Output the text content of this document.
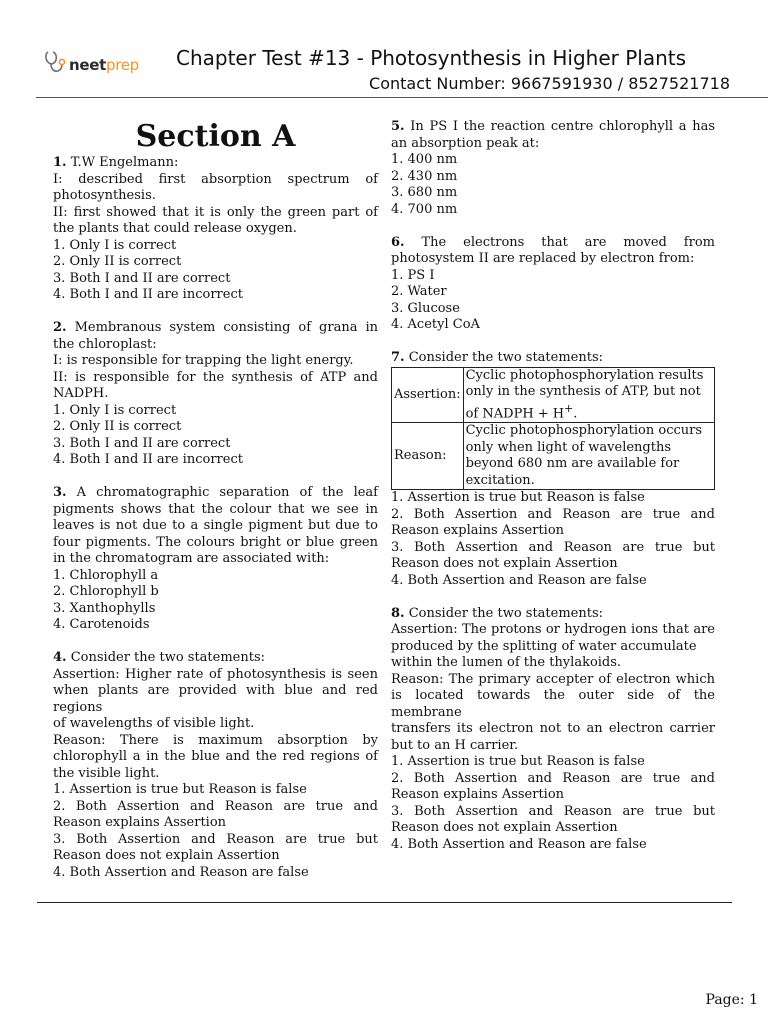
neetprep Chapter Test #13 - Photosynthesis in Higher Plants
Contact Number: 9667591930 / 8527521718
Section A

1. T.W Engelmann:

I: described first absorption spectrum of photosynthesis.

II: first showed that it is only the green part of the plants that could release oxygen.

1. Only I is correct

2. Only II is correct

3. Both I and II are correct

4. Both I and II are incorrect

2. Membranous system consisting of grana in the chloroplast:

I: is responsible for trapping the light energy.

II: is responsible for the synthesis of ATP and NADPH.

1. Only I is correct

2. Only II is correct

3. Both I and II are correct

4. Both I and II are incorrect

3. A chromatographic separation of the leaf pigments shows that the colour that we see in leaves is not due to a single pigment but due to four pigments. The colours bright or blue green in the chromatogram are associated with:

1. Chlorophyll a

2. Chlorophyll b

3. Xanthophylls

4. Carotenoids

4. Consider the two statements:

Assertion: Higher rate of photosynthesis is seen when plants are provided with blue and red regions

of wavelengths of visible light.

Reason: There is maximum absorption by chlorophyll a in the blue and the red regions of the visible light.

1. Assertion is true but Reason is false

2. Both Assertion and Reason are true and Reason explains Assertion

3. Both Assertion and Reason are true but Reason does not explain Assertion

4. Both Assertion and Reason are false

5. In PS I the reaction centre chlorophyll a has an absorption peak at:

1. 400 nm

2. 430 nm

3. 680 nm

4. 700 nm

6. The electrons that are moved from photosystem II are replaced by electron from:

1. PS I

2. Water

3. Glucose

4. Acetyl CoA

7. Consider the two statements:

Assertion:	Cyclic photophosphorylation results only in the synthesis of ATP, but not of NADPH + H+.
Reason:	Cyclic photophosphorylation occurs only when light of wavelengths beyond 680 nm are available for excitation.

1. Assertion is true but Reason is false

2. Both Assertion and Reason are true and Reason explains Assertion

3. Both Assertion and Reason are true but Reason does not explain Assertion

4. Both Assertion and Reason are false

8. Consider the two statements:

Assertion: The protons or hydrogen ions that are produced by the splitting of water accumulate

within the lumen of the thylakoids.

Reason: The primary accepter of electron which is located towards the outer side of the membrane

transfers its electron not to an electron carrier but to an H carrier.

1. Assertion is true but Reason is false

2. Both Assertion and Reason are true and Reason explains Assertion

3. Both Assertion and Reason are true but Reason does not explain Assertion

4. Both Assertion and Reason are false

Page: 1
